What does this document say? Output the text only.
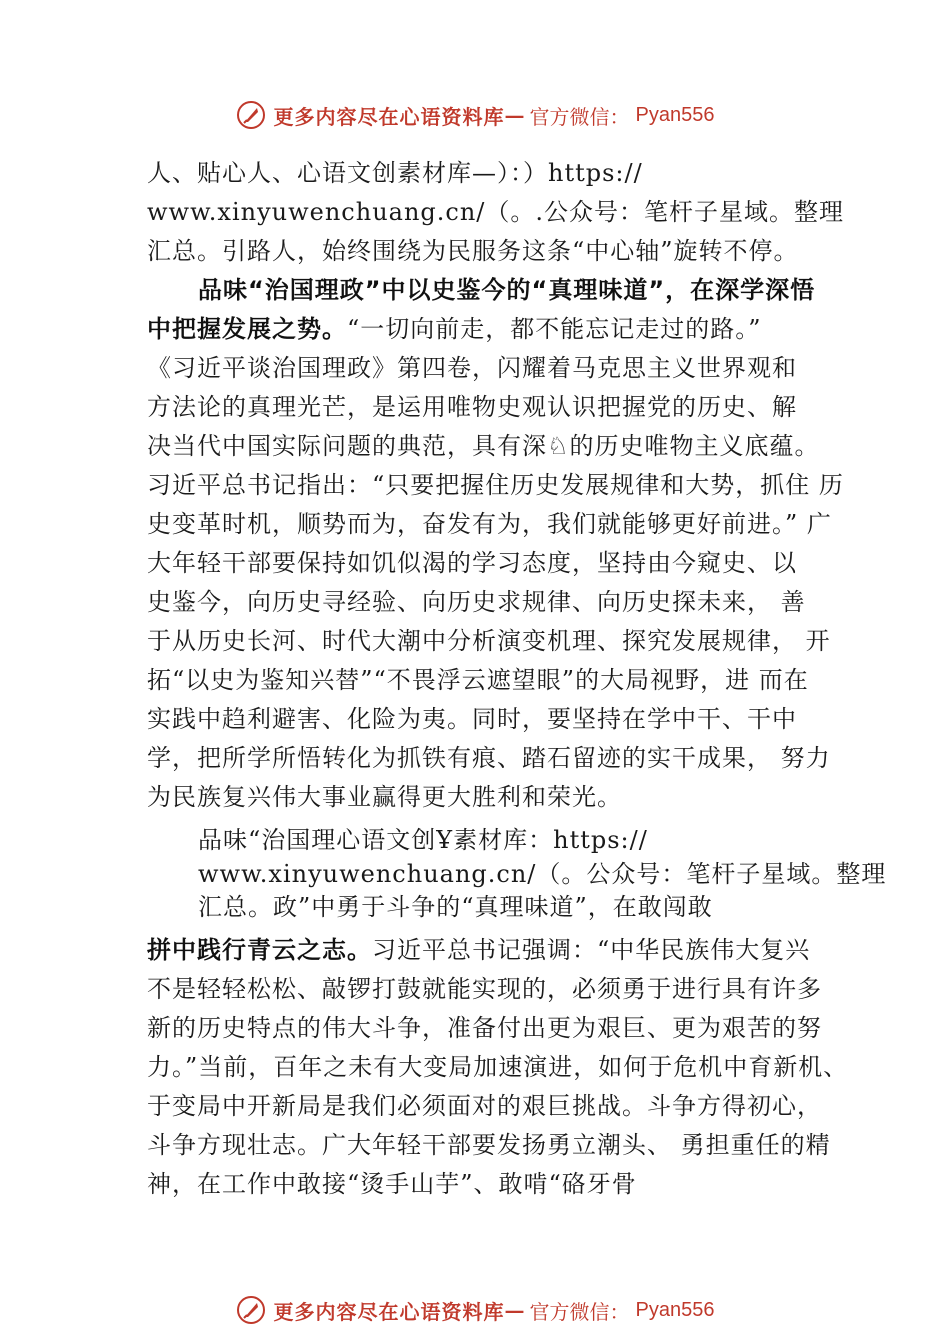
更多内容尽在心语资料库 — 官方微信： Pyan556
人、贴心人、心语文创素材库—）：）https://
www.xinyuwenchuang.cn/（。.公众号：笔杆子星域。整理
汇总。引路人，始终围绕为民服务这条“中心轴”旋转不停。
品味“治国理政”中以史鉴今的“真理味道”，在深学深悟
中把握发展之势。“一切向前走，都不能忘记走过的路。”
《习近平谈治国理政》第四卷，闪耀着马克思主义世界观和
方法论的真理光芒，是运用唯物史观认识把握党的历史、解
决当代中国实际问题的典范，具有深♘的历史唯物主义底蕴。
习近平总书记指出：“只要把握住历史发展规律和大势，抓住 历
史变革时机，顺势而为，奋发有为，我们就能够更好前进。” 广
大年轻干部要保持如饥似渴的学习态度，坚持由今窥史、以
史鉴今，向历史寻经验、向历史求规律、向历史探未来， 善
于从历史长河、时代大潮中分析演变机理、探究发展规律， 开
拓“以史为鉴知兴替”“不畏浮云遮望眼”的大局视野，进 而在
实践中趋利避害、化险为夷。同时，要坚持在学中干、干中
学，把所学所悟转化为抓铁有痕、踏石留迹的实干成果， 努力
为民族复兴伟大事业赢得更大胜利和荣光。
品味“治国理心语文创Ұ素材库：https://
www.xinyuwenchuang.cn/（。公众号：笔杆子星域。整理
汇总。政”中勇于斗争的“真理味道”，在敢闯敢
拼中践行青云之志。习近平总书记强调：“中华民族伟大复兴
不是轻轻松松、敲锣打鼓就能实现的，必须勇于进行具有许多
新的历史特点的伟大斗争，准备付出更为艰巨、更为艰苦的努
力。”当前，百年之未有大变局加速演进，如何于危机中育新机、
于变局中开新局是我们必须面对的艰巨挑战。斗争方得初心，
斗争方现壮志。广大年轻干部要发扬勇立潮头、 勇担重任的精
神，在工作中敢接“烫手山芋”、敢啃“硌牙骨
更多内容尽在心语资料库 — 官方微信： Pyan556
